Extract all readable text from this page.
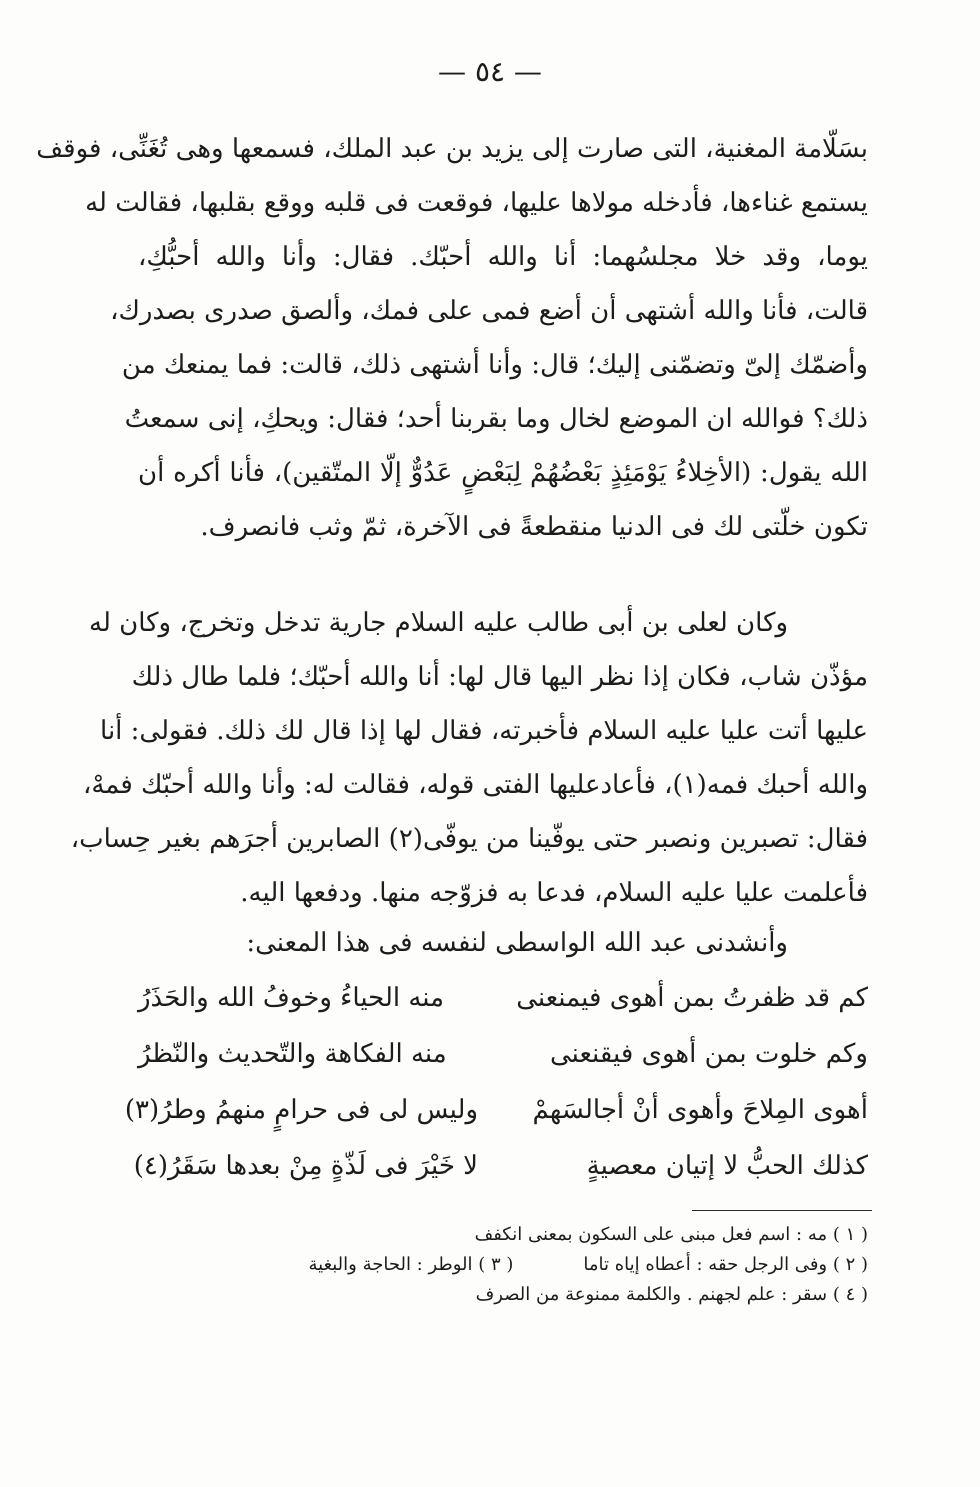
— ٥٤ —
بسَلّامة المغنية، التى صارت إلى يزيد بن عبد الملك، فسمعها وهى تُغَنِّى، فوقف
يستمع غناءها، فأدخله مولاها عليها، فوقعت فى قلبه ووقع بقلبها، فقالت له
يوما، وقد خلا مجلسُهما: أنا والله أحبّك. فقال: وأنا والله أحبُّكِ،
قالت، فأنا والله أشتهى أن أضع فمى على فمك، وألصق صدرى بصدرك،
وأضمّك إلىّ وتضمّنى إليك؛ قال: وأنا أشتهى ذلك، قالت: فما يمنعك من
ذلك؟ فوالله ان الموضع لخال وما بقربنا أحد؛ فقال: ويحكِ، إنى سمعتُ
الله يقول: (الأخِلاءُ يَوْمَئِذٍ بَعْضُهُمْ لِبَعْضٍ عَدُوٌّ إلّا المتّقين)، فأنا أكره أن
تكون خلّتى لك فى الدنيا منقطعةً فى الآخرة، ثمّ وثب فانصرف.
وكان لعلى بن أبى طالب عليه السلام جارية تدخل وتخرج، وكان له
مؤذّن شاب، فكان إذا نظر اليها قال لها: أنا والله أحبّك؛ فلما طال ذلك
عليها أتت عليا عليه السلام فأخبرته، فقال لها إذا قال لك ذلك. فقولى: أنا
والله أحبك فمه(١)، فأعادعليها الفتى قوله، فقالت له: وأنا والله أحبّك فمهْ،
فقال: تصبرين ونصبر حتى يوفّينا من يوفّى(٢) الصابرين أجرَهم بغير حِساب،
فأعلمت عليا عليه السلام، فدعا به فزوّجه منها. ودفعها اليه.
وأنشدنى عبد الله الواسطى لنفسه فى هذا المعنى:
كم قد ظفرتُ بمن أهوى فيمنعنى
منه الحياءُ وخوفُ الله والحَذَرُ
وكم خلوت بمن أهوى فيقنعنى
منه الفكاهة والتّحديث والنّظرُ
أهوى المِلاحَ وأهوى أنْ أجالسَهمْ
وليس لى فى حرامٍ منهمُ وطرُ(٣)
كذلك الحبُّ لا إتيان معصيةٍ
لا خَيْرَ فى لَذّةٍ مِنْ بعدها سَقَرُ(٤)
( ١ ) مه : اسم فعل مبنى على السكون بمعنى انكفف
( ٢ ) وفى الرجل حقه : أعطاه إياه تاما
( ٣ ) الوطر : الحاجة والبغية
( ٤ ) سقر : علم لجهنم . والكلمة ممنوعة من الصرف
